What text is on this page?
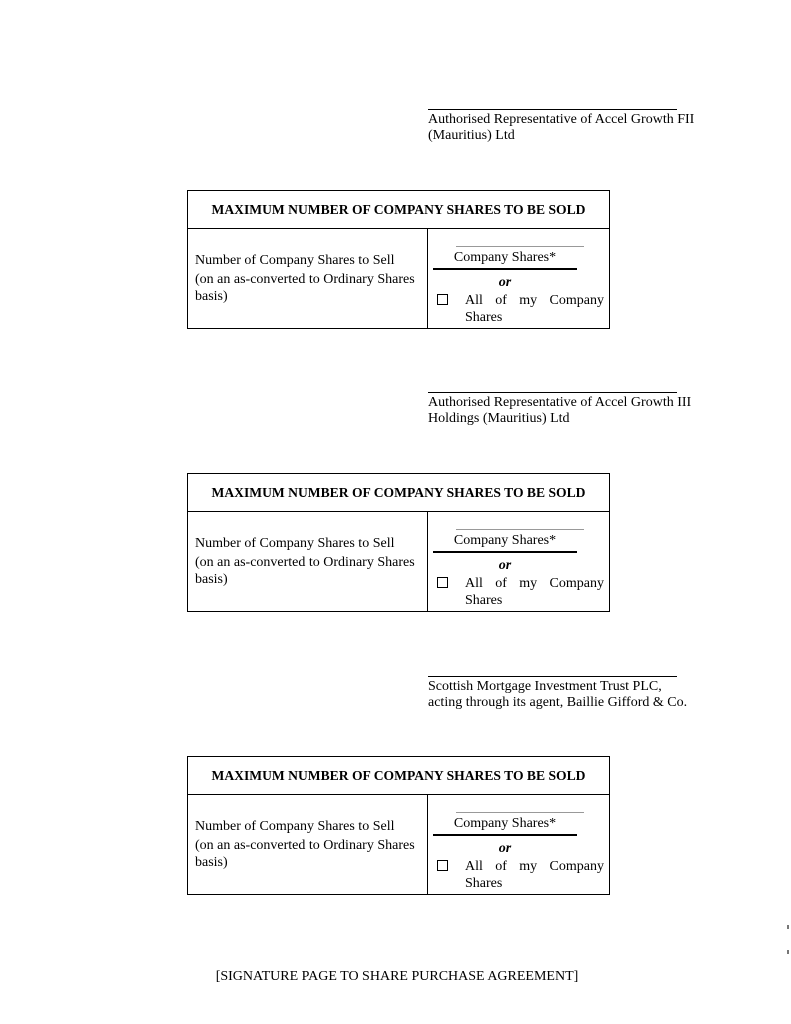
Authorised Representative of Accel Growth FII
(Mauritius) Ltd
MAXIMUM NUMBER OF COMPANY SHARES TO BE SOLD
Number of Company Shares to Sell
(on an as-converted to Ordinary Shares
basis)
Company Shares*
or
All of my Company
Shares
Authorised Representative of Accel Growth III
Holdings (Mauritius) Ltd
MAXIMUM NUMBER OF COMPANY SHARES TO BE SOLD
Number of Company Shares to Sell
(on an as-converted to Ordinary Shares
basis)
Company Shares*
or
All of my Company
Shares
Scottish Mortgage Investment Trust PLC,
acting through its agent, Baillie Gifford & Co.
MAXIMUM NUMBER OF COMPANY SHARES TO BE SOLD
Number of Company Shares to Sell
(on an as-converted to Ordinary Shares
basis)
Company Shares*
or
All of my Company
Shares
[SIGNATURE PAGE TO SHARE PURCHASE AGREEMENT]
